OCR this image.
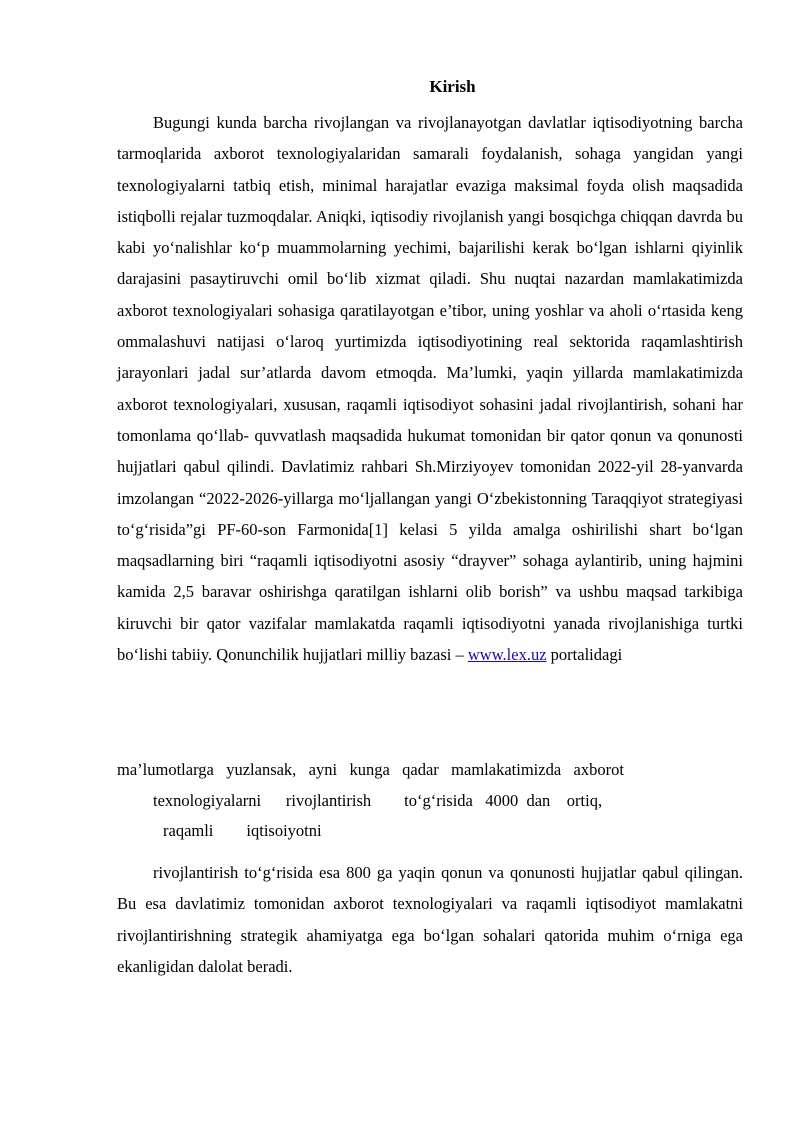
Kirish

Bugungi kunda barcha rivojlangan va rivojlanayotgan davlatlar iqtisodiyotning barcha tarmoqlarida axborot texnologiyalaridan samarali foydalanish, sohaga yangidan yangi texnologiyalarni tatbiq etish, minimal harajatlar evaziga maksimal foyda olish maqsadida istiqbolli rejalar tuzmoqdalar. Aniqki, iqtisodiy rivojlanish yangi bosqichga chiqqan davrda bu kabi yo‘nalishlar ko‘p muammolarning yechimi, bajarilishi kerak bo‘lgan ishlarni qiyinlik darajasini pasaytiruvchi omil bo‘lib xizmat qiladi. Shu nuqtai nazardan mamlakatimizda axborot texnologiyalari sohasiga qaratilayotgan e’tibor, uning yoshlar va aholi o‘rtasida keng ommalashuvi natijasi o‘laroq yurtimizda iqtisodiyotining real sektorida raqamlashtirish jarayonlari jadal sur’atlarda davom etmoqda. Ma’lumki, yaqin yillarda mamlakatimizda axborot texnologiyalari, xususan, raqamli iqtisodiyot sohasini jadal rivojlantirish, sohani har tomonlama qo‘llab- quvvatlash maqsadida hukumat tomonidan bir qator qonun va qonunosti hujjatlari qabul qilindi. Davlatimiz rahbari Sh.Mirziyoyev tomonidan 2022-yil 28-yanvarda imzolangan “2022-2026-yillarga mo‘ljallangan yangi O‘zbekistonning Taraqqiyot strategiyasi to‘g‘risida”gi PF-60-son Farmonida[1] kelasi 5 yilda amalga oshirilishi shart bo‘lgan maqsadlarning biri “raqamli iqtisodiyotni asosiy “drayver” sohaga aylantirib, uning hajmini kamida 2,5 baravar oshirishga qaratilgan ishlarni olib borish” va ushbu maqsad tarkibiga kiruvchi bir qator vazifalar mamlakatda raqamli iqtisodiyotni yanada rivojlanishiga turtki bo‘lishi tabiiy. Qonunchilik hujjatlari milliy bazasi – www.lex.uz portalidagi

ma’lumotlarga   yuzlansak,   ayni   kunga   qadar   mamlakatimizda   axborot

texnologiyalarni      rivojlantirish        to‘g‘risida   4000  dan    ortiq,

raqamli        iqtisoiyotni

rivojlantirish to‘g‘risida esa 800 ga yaqin qonun va qonunosti hujjatlar qabul qilingan. Bu esa davlatimiz tomonidan axborot texnologiyalari va raqamli iqtisodiyot mamlakatni rivojlantirishning strategik ahamiyatga ega bo‘lgan sohalari qatorida muhim o‘rniga ega ekanligidan dalolat beradi.
